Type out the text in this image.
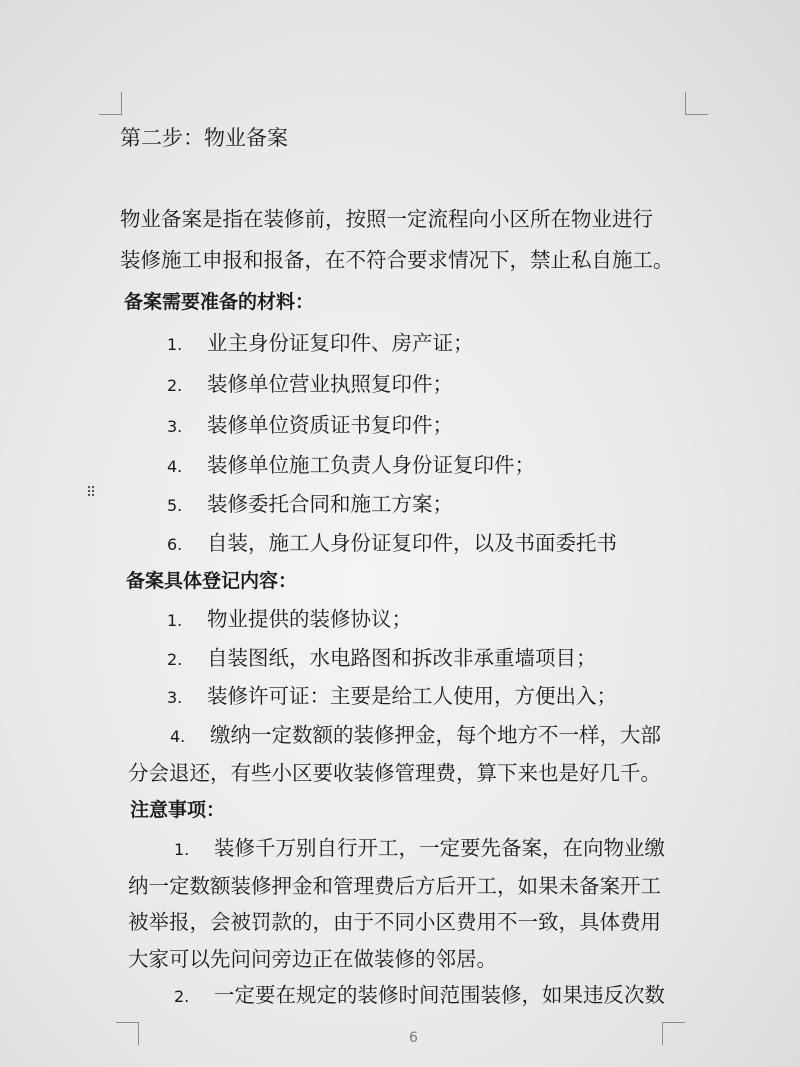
⠿
第二步：物业备案
物业备案是指在装修前，按照一定流程向小区所在物业进行
装修施工申报和报备，在不符合要求情况下，禁止私自施工。
备案需要准备的材料：
1. 业主身份证复印件、房产证；
2. 装修单位营业执照复印件；
3. 装修单位资质证书复印件；
4. 装修单位施工负责人身份证复印件；
5. 装修委托合同和施工方案；
6. 自装，施工人身份证复印件，以及书面委托书
备案具体登记内容：
1. 物业提供的装修协议；
2. 自装图纸，水电路图和拆改非承重墙项目；
3. 装修许可证：主要是给工人使用，方便出入；
4. 缴纳一定数额的装修押金，每个地方不一样，大部
分会退还，有些小区要收装修管理费，算下来也是好几千。
注意事项：
1. 装修千万别自行开工，一定要先备案，在向物业缴
纳一定数额装修押金和管理费后方后开工，如果未备案开工
被举报，会被罚款的，由于不同小区费用不一致，具体费用
大家可以先问问旁边正在做装修的邻居。
2. 一定要在规定的装修时间范围装修，如果违反次数
6
